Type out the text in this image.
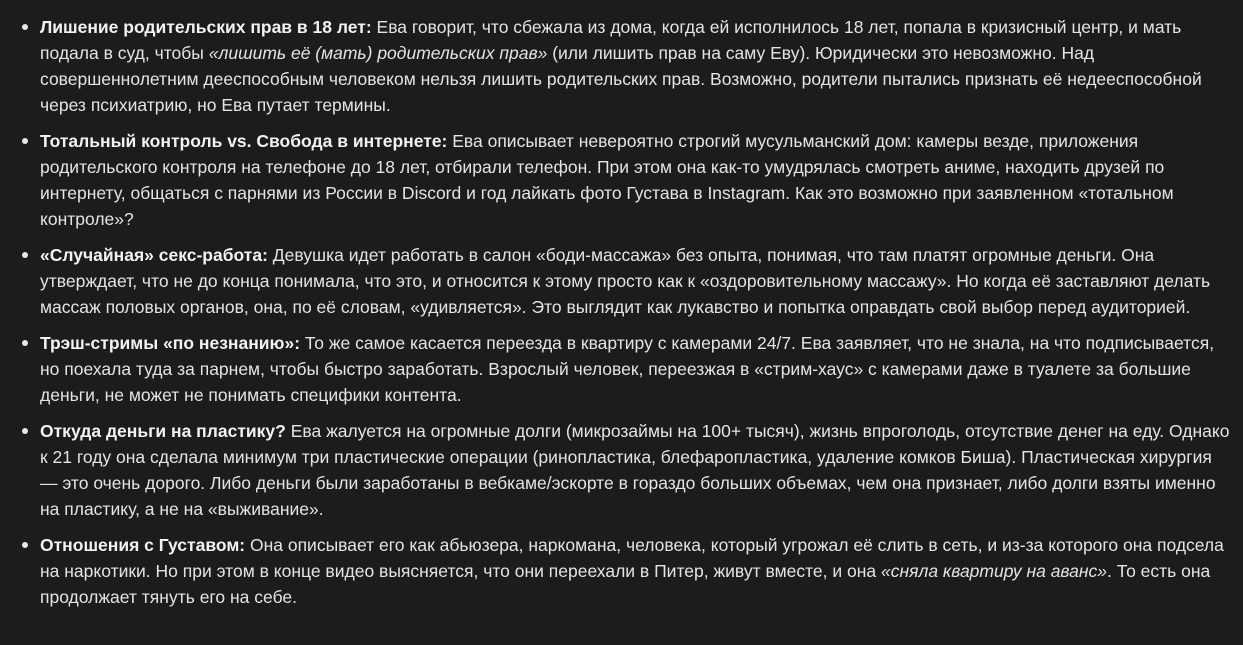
Лишение родительских прав в 18 лет: Ева говорит, что сбежала из дома, когда ей исполнилось 18 лет, попала в кризисный центр, и мать подала в суд, чтобы «лишить её (мать) родительских прав» (или лишить прав на саму Еву). Юридически это невозможно. Над совершеннолетним дееспособным человеком нельзя лишить родительских прав. Возможно, родители пытались признать её недееспособной через психиатрию, но Ева путает термины.
Тотальный контроль vs. Свобода в интернете: Ева описывает невероятно строгий мусульманский дом: камеры везде, приложения родительского контроля на телефоне до 18 лет, отбирали телефон. При этом она как-то умудрялась смотреть аниме, находить друзей по интернету, общаться с парнями из России в Discord и год лайкать фото Густава в Instagram. Как это возможно при заявленном «тотальном контроле»?
«Случайная» секс-работа: Девушка идет работать в салон «боди-массажа» без опыта, понимая, что там платят огромные деньги. Она утверждает, что не до конца понимала, что это, и относится к этому просто как к «оздоровительному массажу». Но когда её заставляют делать массаж половых органов, она, по её словам, «удивляется». Это выглядит как лукавство и попытка оправдать свой выбор перед аудиторией.
Трэш-стримы «по незнанию»: То же самое касается переезда в квартиру с камерами 24/7. Ева заявляет, что не знала, на что подписывается, но поехала туда за парнем, чтобы быстро заработать. Взрослый человек, переезжая в «стрим-хаус» с камерами даже в туалете за большие деньги, не может не понимать специфики контента.
Откуда деньги на пластику? Ева жалуется на огромные долги (микрозаймы на 100+ тысяч), жизнь впроголодь, отсутствие денег на еду. Однако к 21 году она сделала минимум три пластические операции (ринопластика, блефаропластика, удаление комков Биша). Пластическая хирургия — это очень дорого. Либо деньги были заработаны в вебкаме/эскорте в гораздо больших объемах, чем она признает, либо долги взяты именно на пластику, а не на «выживание».
Отношения с Густавом: Она описывает его как абьюзера, наркомана, человека, который угрожал её слить в сеть, и из-за которого она подсела на наркотики. Но при этом в конце видео выясняется, что они переехали в Питер, живут вместе, и она «сняла квартиру на аванс». То есть она продолжает тянуть его на себе.
